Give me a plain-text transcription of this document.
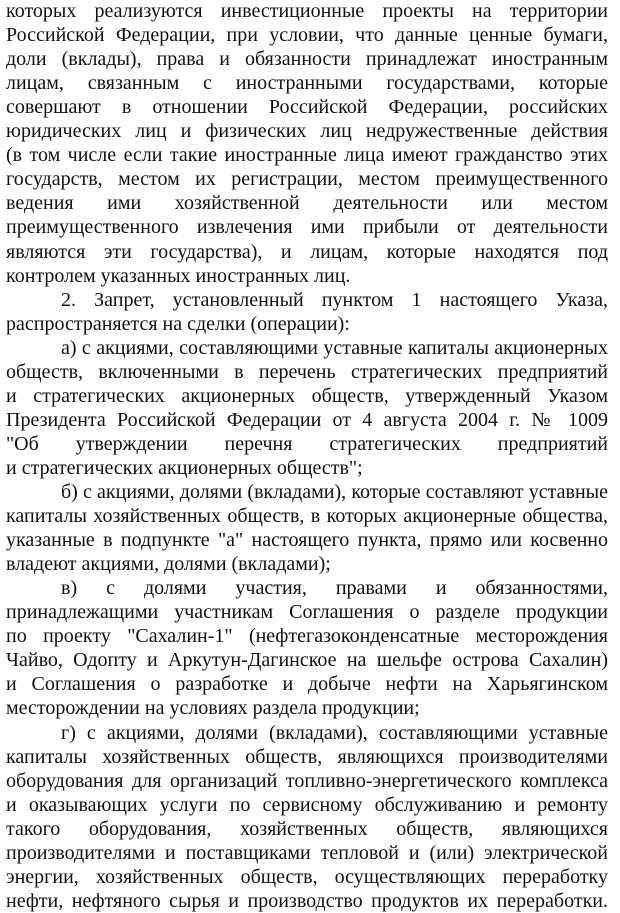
которых реализуются инвестиционные проекты на территории
Российской Федерации, при условии, что данные ценные бумаги,
доли (вклады), права и обязанности принадлежат иностранным
лицам, связанным с иностранными государствами, которые
совершают в отношении Российской Федерации, российских
юридических лиц и физических лиц недружественные действия
(в том числе если такие иностранные лица имеют гражданство этих
государств, местом их регистрации, местом преимущественного
ведения ими хозяйственной деятельности или местом
преимущественного извлечения ими прибыли от деятельности
являются эти государства), и лицам, которые находятся под
контролем указанных иностранных лиц.
2. Запрет, установленный пунктом 1 настоящего Указа,
распространяется на сделки (операции):
а) с акциями, составляющими уставные капиталы акционерных
обществ, включенными в перечень стратегических предприятий
и стратегических акционерных обществ, утвержденный Указом
Президента Российской Федерации от 4 августа 2004 г. № 1009
"Об утверждении перечня стратегических предприятий
и стратегических акционерных обществ";
б) с акциями, долями (вкладами), которые составляют уставные
капиталы хозяйственных обществ, в которых акционерные общества,
указанные в подпункте "а" настоящего пункта, прямо или косвенно
владеют акциями, долями (вкладами);
в) с долями участия, правами и обязанностями,
принадлежащими участникам Соглашения о разделе продукции
по проекту "Сахалин-1" (нефтегазоконденсатные месторождения
Чайво, Одопту и Аркутун-Дагинское на шельфе острова Сахалин)
и Соглашения о разработке и добыче нефти на Харьягинском
месторождении на условиях раздела продукции;
г) с акциями, долями (вкладами), составляющими уставные
капиталы хозяйственных обществ, являющихся производителями
оборудования для организаций топливно-энергетического комплекса
и оказывающих услуги по сервисному обслуживанию и ремонту
такого оборудования, хозяйственных обществ, являющихся
производителями и поставщиками тепловой и (или) электрической
энергии, хозяйственных обществ, осуществляющих переработку
нефти, нефтяного сырья и производство продуктов их переработки.
